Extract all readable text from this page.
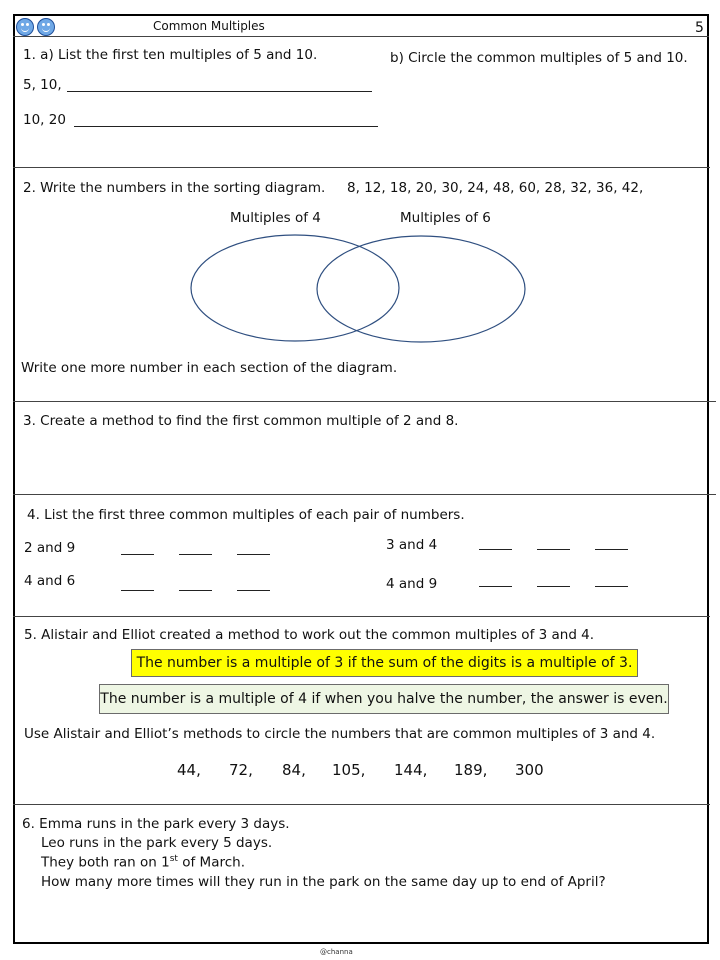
Common Multiples	5
1. a) List the first ten multiples of 5 and 10.	b) Circle the common multiples of 5 and 10.
5, 10,
10, 20
2. Write the numbers in the sorting diagram. 8, 12, 18, 20, 30, 24, 48, 60, 28, 32, 36, 42,
Multiples of 4	Multiples of 6
Write one more number in each section of the diagram.
3. Create a method to find the first common multiple of 2 and 8.
4. List the first three common multiples of each pair of numbers.
2 and 9
4 and 6
3 and 4
4 and 9
5. Alistair and Elliot created a method to work out the common multiples of 3 and 4.
The number is a multiple of 3 if the sum of the digits is a multiple of 3.
The number is a multiple of 4 if when you halve the number, the answer is even.
Use Alistair and Elliot’s methods to circle the numbers that are common multiples of 3 and 4.
44, 72, 84, 105, 144, 189, 300
6. Emma runs in the park every 3 days.
Leo runs in the park every 5 days.
They both ran on 1st of March.
How many more times will they run in the park on the same day up to end of April?
@channa
